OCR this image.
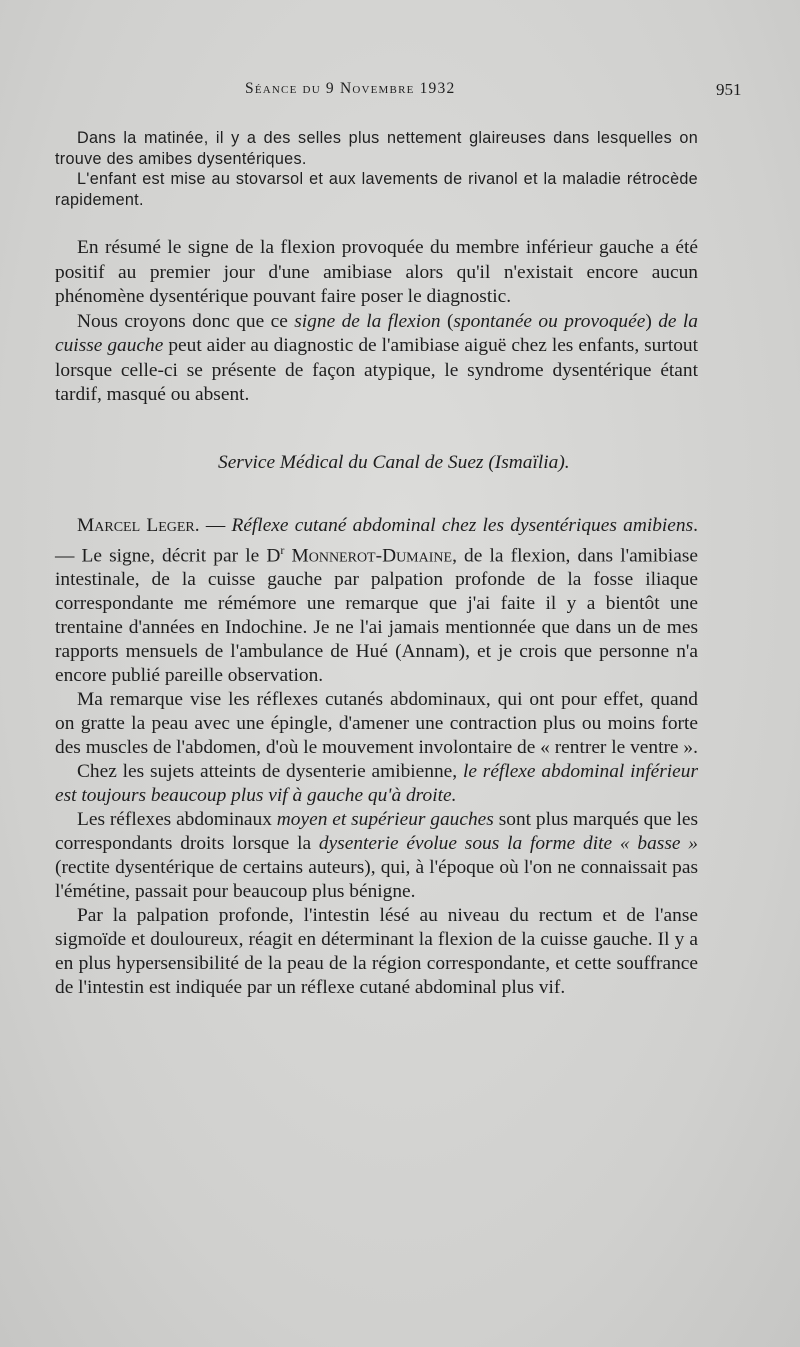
Séance du 9 Novembre 1932	951

Dans la matinée, il y a des selles plus nettement glaireuses dans lesquelles on trouve des amibes dysentériques.

L'enfant est mise au stovarsol et aux lavements de rivanol et la maladie rétrocède rapidement.

En résumé le signe de la flexion provoquée du membre inférieur gauche a été positif au premier jour d'une amibiase alors qu'il n'existait encore aucun phénomène dysentérique pouvant faire poser le diagnostic.

Nous croyons donc que ce signe de la flexion (spontanée ou provoquée) de la cuisse gauche peut aider au diagnostic de l'amibiase aiguë chez les enfants, surtout lorsque celle-ci se présente de façon atypique, le syndrome dysentérique étant tardif, masqué ou absent.

Service Médical du Canal de Suez (Ismaïlia).

Marcel Leger. — Réflexe cutané abdominal chez les dysentériques amibiens. — Le signe, décrit par le $D^r$ Monnerot-Dumaine, de la flexion, dans l'amibiase intestinale, de la cuisse gauche par palpation profonde de la fosse iliaque correspondante me rémémore une remarque que j'ai faite il y a bientôt une trentaine d'années en Indochine. Je ne l'ai jamais mentionnée que dans un de mes rapports mensuels de l'ambulance de Hué (Annam), et je crois que personne n'a encore publié pareille observation.

Ma remarque vise les réflexes cutanés abdominaux, qui ont pour effet, quand on gratte la peau avec une épingle, d'amener une contraction plus ou moins forte des muscles de l'abdomen, d'où le mouvement involontaire de « rentrer le ventre ».

Chez les sujets atteints de dysenterie amibienne, le réflexe abdominal inférieur est toujours beaucoup plus vif à gauche qu'à droite.

Les réflexes abdominaux moyen et supérieur gauches sont plus marqués que les correspondants droits lorsque la dysenterie évolue sous la forme dite « basse » (rectite dysentérique de certains auteurs), qui, à l'époque où l'on ne connaissait pas l'émétine, passait pour beaucoup plus bénigne.

Par la palpation profonde, l'intestin lésé au niveau du rectum et de l'anse sigmoïde et douloureux, réagit en déterminant la flexion de la cuisse gauche. Il y a en plus hypersensibilité de la peau de la région correspondante, et cette souffrance de l'intestin est indiquée par un réflexe cutané abdominal plus vif.
